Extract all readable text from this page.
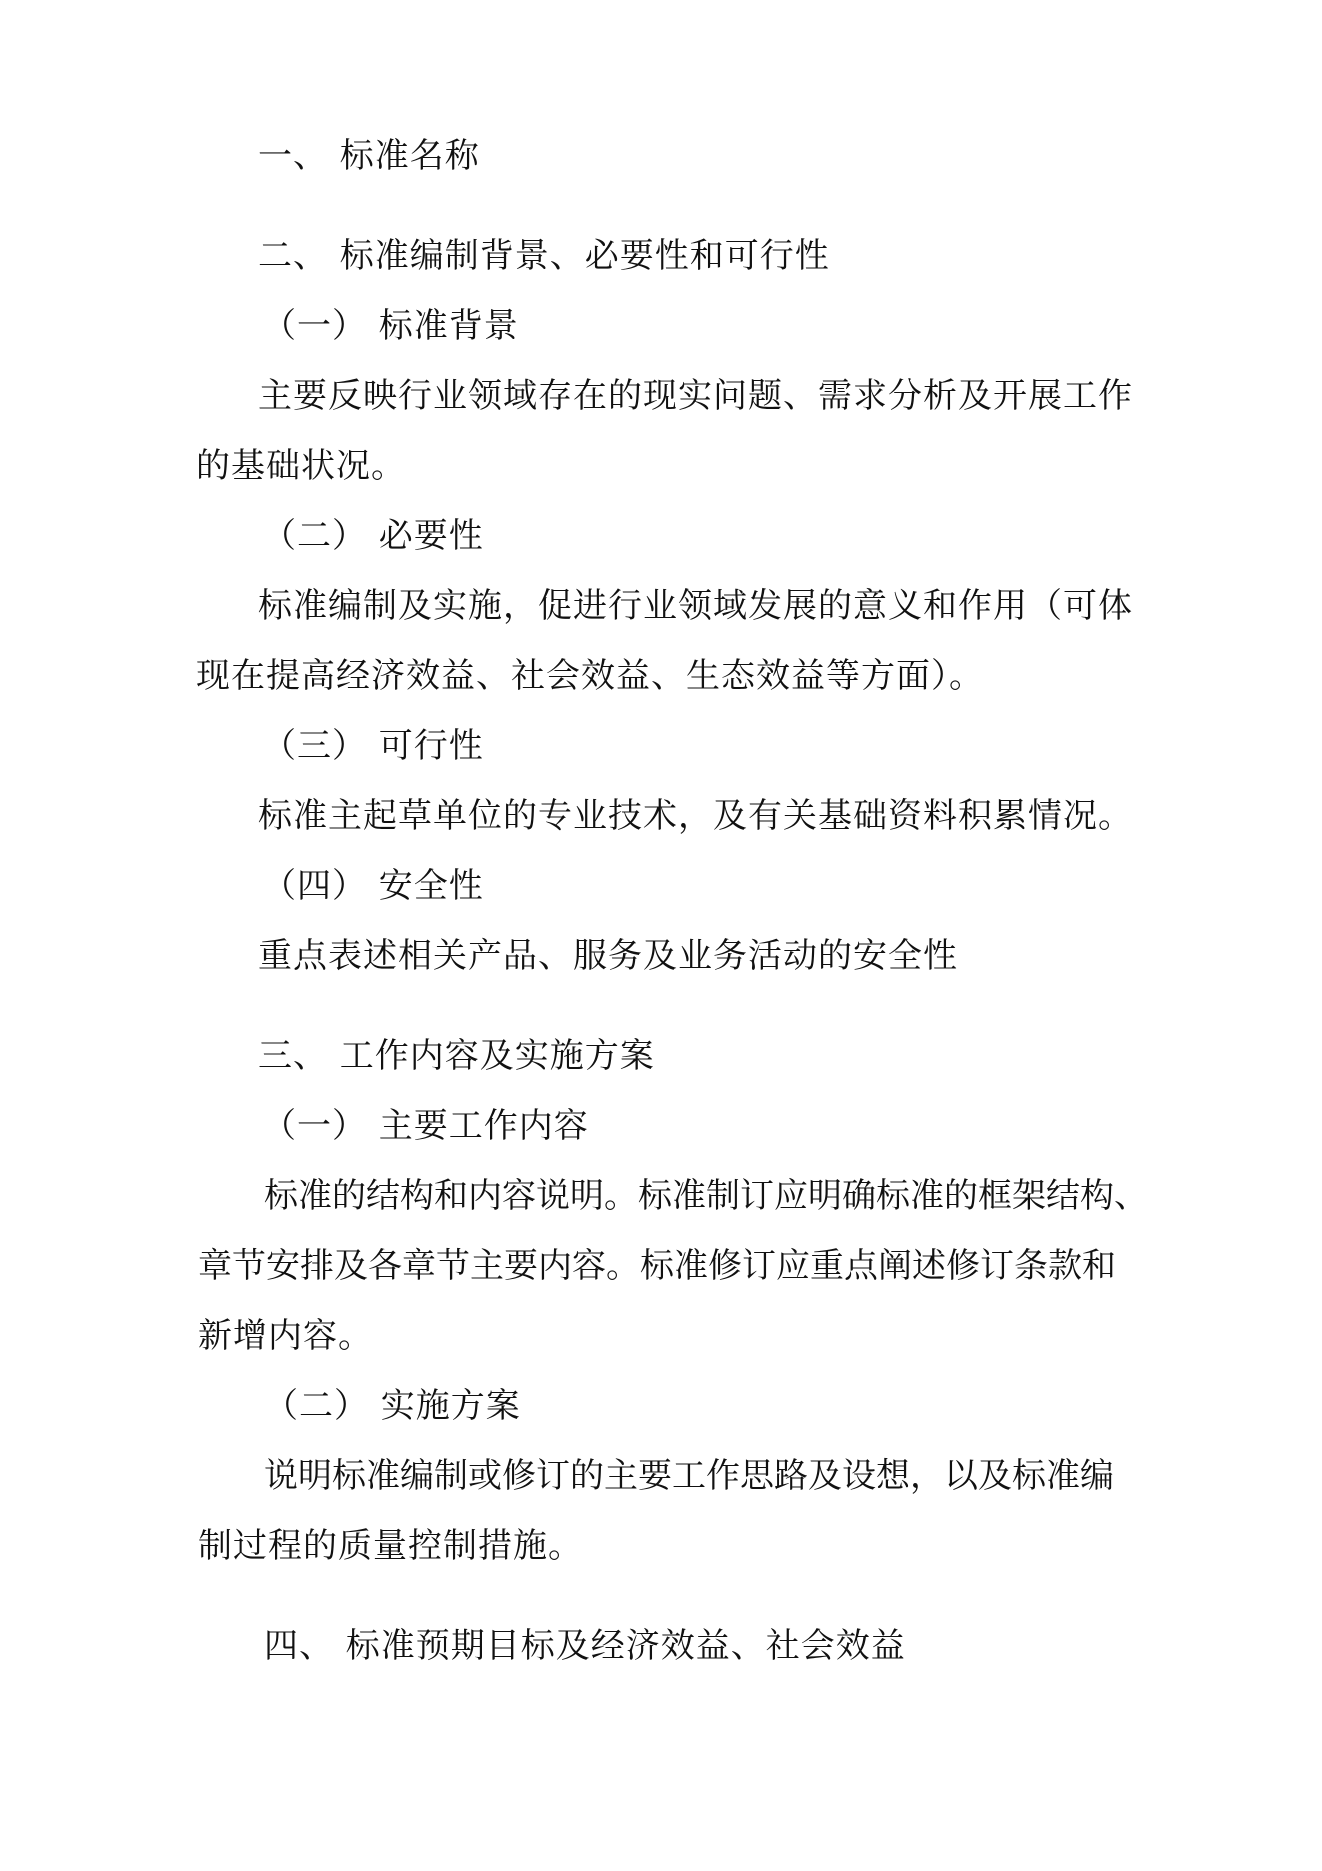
一、 标准名称
二、 标准编制背景、必要性和可行性
（一） 标准背景
主要反映行业领域存在的现实问题、需求分析及开展工作
的基础状况。
（二） 必要性
标准编制及实施，促进行业领域发展的意义和作用（可体
现在提高经济效益、社会效益、生态效益等方面）。
（三） 可行性
标准主起草单位的专业技术，及有关基础资料积累情况。
（四） 安全性
重点表述相关产品、服务及业务活动的安全性
三、 工作内容及实施方案
（一） 主要工作内容
标准的结构和内容说明。标准制订应明确标准的框架结构、
章节安排及各章节主要内容。标准修订应重点阐述修订条款和
新增内容。
（二） 实施方案
说明标准编制或修订的主要工作思路及设想，以及标准编
制过程的质量控制措施。
四、 标准预期目标及经济效益、社会效益
